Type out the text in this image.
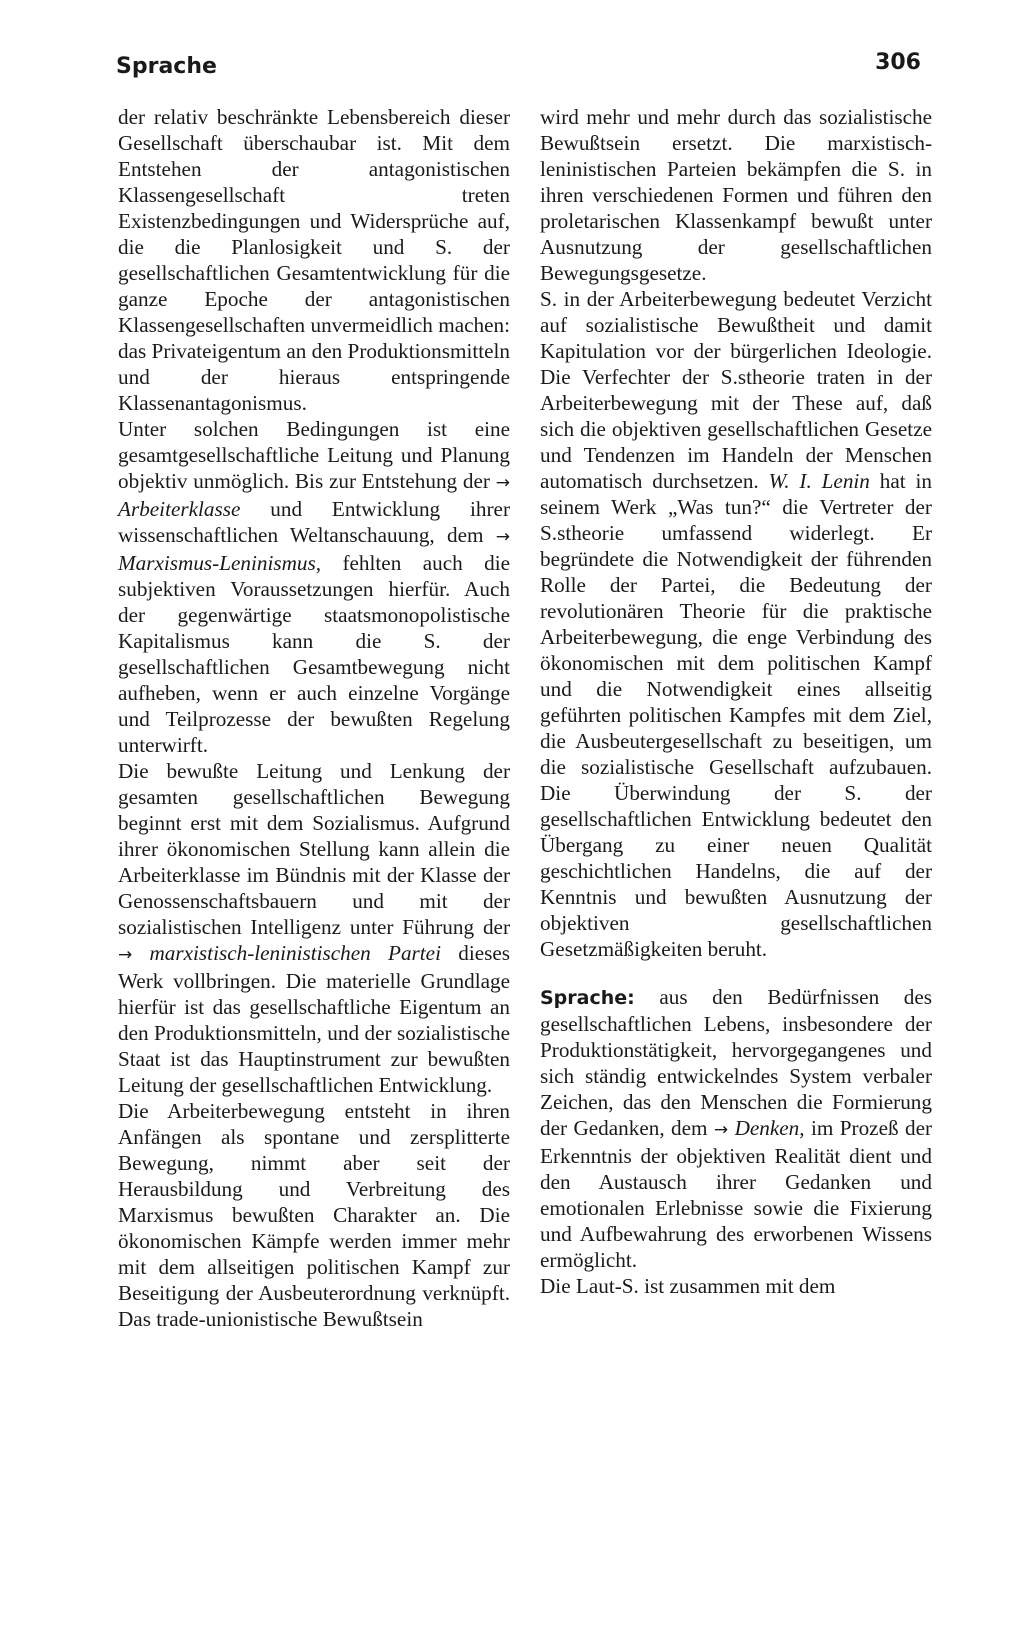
Sprache	306

der relativ beschränkte Lebensbereich dieser Gesellschaft überschaubar ist. Mit dem Entstehen der antagonistischen Klassengesellschaft treten Existenzbedingungen und Widersprüche auf, die die Planlosigkeit und S. der gesellschaftlichen Gesamtentwicklung für die ganze Epoche der antagonistischen Klassengesellschaften unvermeidlich machen: das Privateigentum an den Produktionsmitteln und der hieraus entspringende Klassenantagonismus.

Unter solchen Bedingungen ist eine gesamtgesellschaftliche Leitung und Planung objektiv unmöglich. Bis zur Entstehung der → Arbeiterklasse und Entwicklung ihrer wissenschaftlichen Weltanschauung, dem → Marxismus-Leninismus, fehlten auch die subjektiven Voraussetzungen hierfür. Auch der gegenwärtige staatsmonopolistische Kapitalismus kann die S. der gesellschaftlichen Gesamtbewegung nicht aufheben, wenn er auch einzelne Vorgänge und Teilprozesse der bewußten Regelung unterwirft.

Die bewußte Leitung und Lenkung der gesamten gesellschaftlichen Bewegung beginnt erst mit dem Sozialismus. Aufgrund ihrer ökonomischen Stellung kann allein die Arbeiterklasse im Bündnis mit der Klasse der Genossenschaftsbauern und mit der sozialistischen Intelligenz unter Führung der → marxistisch-leninistischen Partei dieses Werk vollbringen. Die materielle Grundlage hierfür ist das gesellschaftliche Eigentum an den Produktionsmitteln, und der sozialistische Staat ist das Hauptinstrument zur bewußten Leitung der gesellschaftlichen Entwicklung.

Die Arbeiterbewegung entsteht in ihren Anfängen als spontane und zersplitterte Bewegung, nimmt aber seit der Herausbildung und Verbreitung des Marxismus bewußten Charakter an. Die ökonomischen Kämpfe werden immer mehr mit dem allseitigen politischen Kampf zur Beseitigung der Ausbeuterordnung verknüpft. Das trade-unionistische Bewußtsein

wird mehr und mehr durch das sozialistische Bewußtsein ersetzt. Die marxistisch-leninistischen Parteien bekämpfen die S. in ihren verschiedenen Formen und führen den proletarischen Klassenkampf bewußt unter Ausnutzung der gesellschaftlichen Bewegungsgesetze.

S. in der Arbeiterbewegung bedeutet Verzicht auf sozialistische Bewußtheit und damit Kapitulation vor der bürgerlichen Ideologie. Die Verfechter der S.stheorie traten in der Arbeiterbewegung mit der These auf, daß sich die objektiven gesellschaftlichen Gesetze und Tendenzen im Handeln der Menschen automatisch durchsetzen. W. I. Lenin hat in seinem Werk „Was tun?“ die Vertreter der S.stheorie umfassend widerlegt. Er begründete die Notwendigkeit der führenden Rolle der Partei, die Bedeutung der revolutionären Theorie für die praktische Arbeiterbewegung, die enge Verbindung des ökonomischen mit dem politischen Kampf und die Notwendigkeit eines allseitig geführten politischen Kampfes mit dem Ziel, die Ausbeutergesellschaft zu beseitigen, um die sozialistische Gesellschaft aufzubauen. Die Überwindung der S. der gesellschaftlichen Entwicklung bedeutet den Übergang zu einer neuen Qualität geschichtlichen Handelns, die auf der Kenntnis und bewußten Ausnutzung der objektiven gesellschaftlichen Gesetzmäßigkeiten beruht.

Sprache: aus den Bedürfnissen des gesellschaftlichen Lebens, insbesondere der Produktionstätigkeit, hervorgegangenes und sich ständig entwickelndes System verbaler Zeichen, das den Menschen die Formierung der Gedanken, dem → Denken, im Prozeß der Erkenntnis der objektiven Realität dient und den Austausch ihrer Gedanken und emotionalen Erlebnisse sowie die Fixierung und Aufbewahrung des erworbenen Wissens ermöglicht.

Die Laut-S. ist zusammen mit dem
